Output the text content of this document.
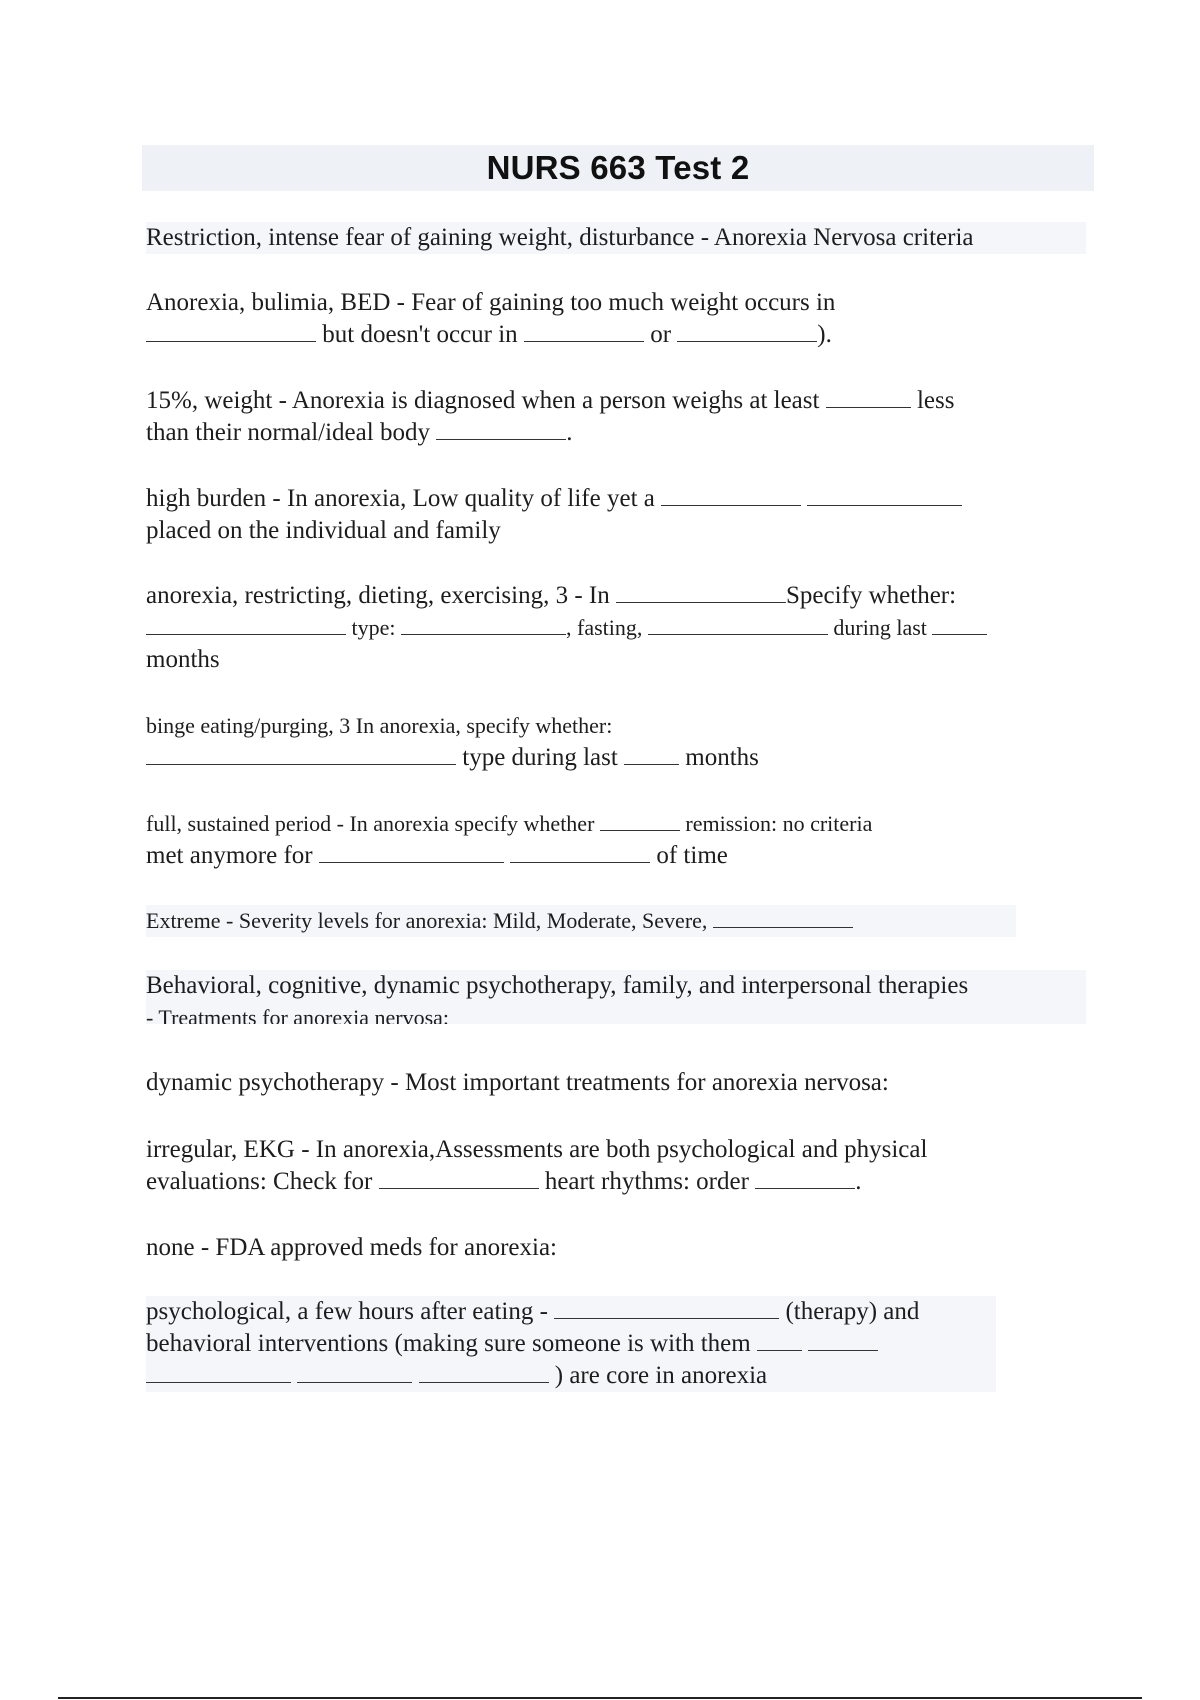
NURS 663 Test 2
Restriction, intense fear of gaining weight, disturbance - Anorexia Nervosa criteria
Anorexia, bulimia, BED - Fear of gaining too much weight occurs in
but doesn't occur in	or	).
15%, weight - Anorexia is diagnosed when a person weighs at least	less
than their normal/ideal body	.
high burden - In anorexia, Low quality of life yet a
placed on the individual and family
anorexia, restricting, dieting, exercising, 3 - In	Specify whether:
type:	, fasting,	during last
months
binge eating/purging, 3 In anorexia, specify whether:
type during last	months
full, sustained period - In anorexia specify whether	remission: no criteria
met anymore for	of time
Extreme - Severity levels for anorexia: Mild, Moderate, Severe,
Behavioral, cognitive, dynamic psychotherapy, family, and interpersonal therapies
- Treatments for anorexia nervosa:
dynamic psychotherapy - Most important treatments for anorexia nervosa:
irregular, EKG - In anorexia,Assessments are both psychological and physical
evaluations: Check for	heart rhythms: order	.
none - FDA approved meds for anorexia:
psychological, a few hours after eating -	(therapy) and
behavioral interventions (making sure someone is with them
) are core in anorexia
